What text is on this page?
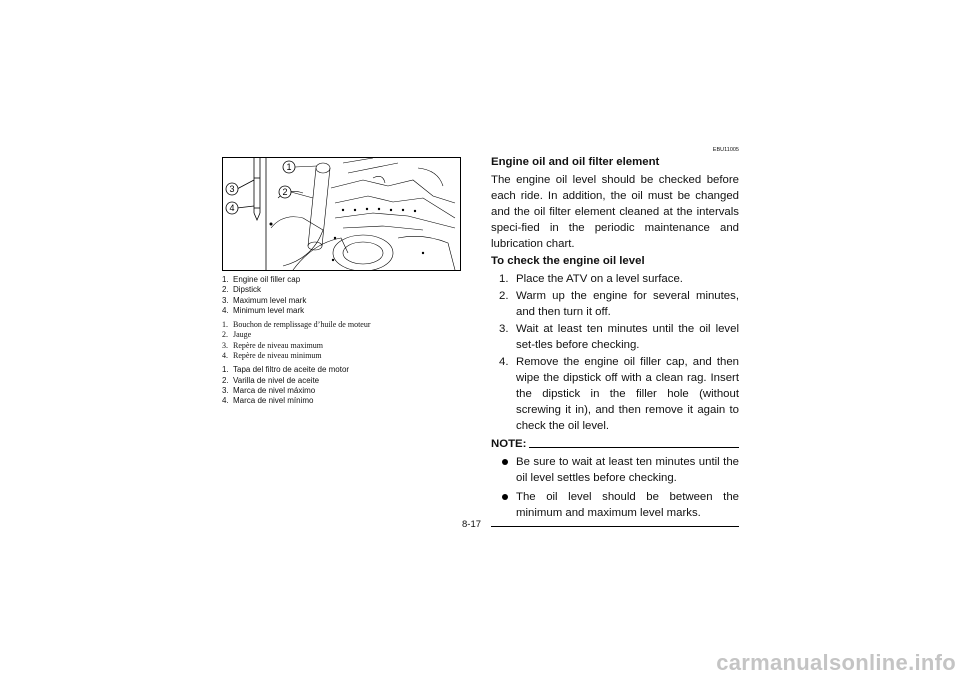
1
2
3
4
1. Engine oil filler cap
2. Dipstick
3. Maximum level mark
4. Minimum level mark
1. Bouchon de remplissage d’huile de moteur
2. Jauge
3. Repère de niveau maximum
4. Repère de niveau minimum
1. Tapa del filtro de aceite de motor
2. Varilla de nivel de aceite
3. Marca de nivel máximo
4. Marca de nivel mínimo
EBU11005
Engine oil and oil filter element
The engine oil level should be checked before each ride. In addition, the oil must be changed and the oil filter element cleaned at the intervals speci-fied in the periodic maintenance and lubrication chart.
To check the engine oil level
1. Place the ATV on a level surface.
2. Warm up the engine for several minutes, and then turn it off.
3. Wait at least ten minutes until the oil level set-tles before checking.
4. Remove the engine oil filler cap, and then wipe the dipstick off with a clean rag. Insert the dipstick in the filler hole (without screwing it in), and then remove it again to check the oil level.
NOTE:
Be sure to wait at least ten minutes until the oil level settles before checking.
The oil level should be between the minimum and maximum level marks.
8-17
carmanualsonline.info
